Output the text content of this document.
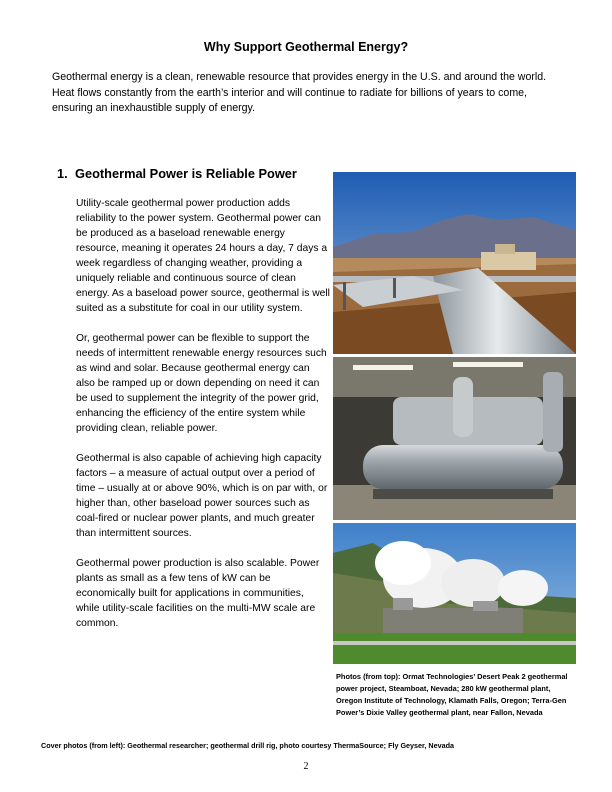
Why Support Geothermal Energy?
Geothermal energy is a clean, renewable resource that provides energy in the U.S. and around the world. Heat flows constantly from the earth’s interior and will continue to radiate for billions of years to come, ensuring an inexhaustible supply of energy.
1. Geothermal Power is Reliable Power

Utility-scale geothermal power production adds reliability to the power system. Geothermal power can be produced as a baseload renewable energy resource, meaning it operates 24 hours a day, 7 days a week regardless of changing weather, providing a uniquely reliable and continuous source of clean energy. As a baseload power source, geothermal is well suited as a substitute for coal in our utility system.

Or, geothermal power can be flexible to support the needs of intermittent renewable energy resources such as wind and solar. Because geothermal energy can also be ramped up or down depending on need it can be used to supplement the integrity of the power grid, enhancing the efficiency of the entire system while providing clean, reliable power.

Geothermal is also capable of achieving high capacity factors – a measure of actual output over a period of time – usually at or above 90%, which is on par with, or higher than, other baseload power sources such as coal-fired or nuclear power plants, and much greater than intermittent sources.

Geothermal power production is also scalable. Power plants as small as a few tens of kW can be economically built for applications in communities, while utility-scale facilities on the multi-MW scale are common.

Photos (from top): Ormat Technologies’ Desert Peak 2 geothermal power project, Steamboat, Nevada; 280 kW geothermal plant, Oregon Institute of Technology, Klamath Falls, Oregon; Terra-Gen Power’s Dixie Valley geothermal plant, near Fallon, Nevada
Cover photos (from left): Geothermal researcher; geothermal drill rig, photo courtesy ThermaSource; Fly Geyser, Nevada
2
